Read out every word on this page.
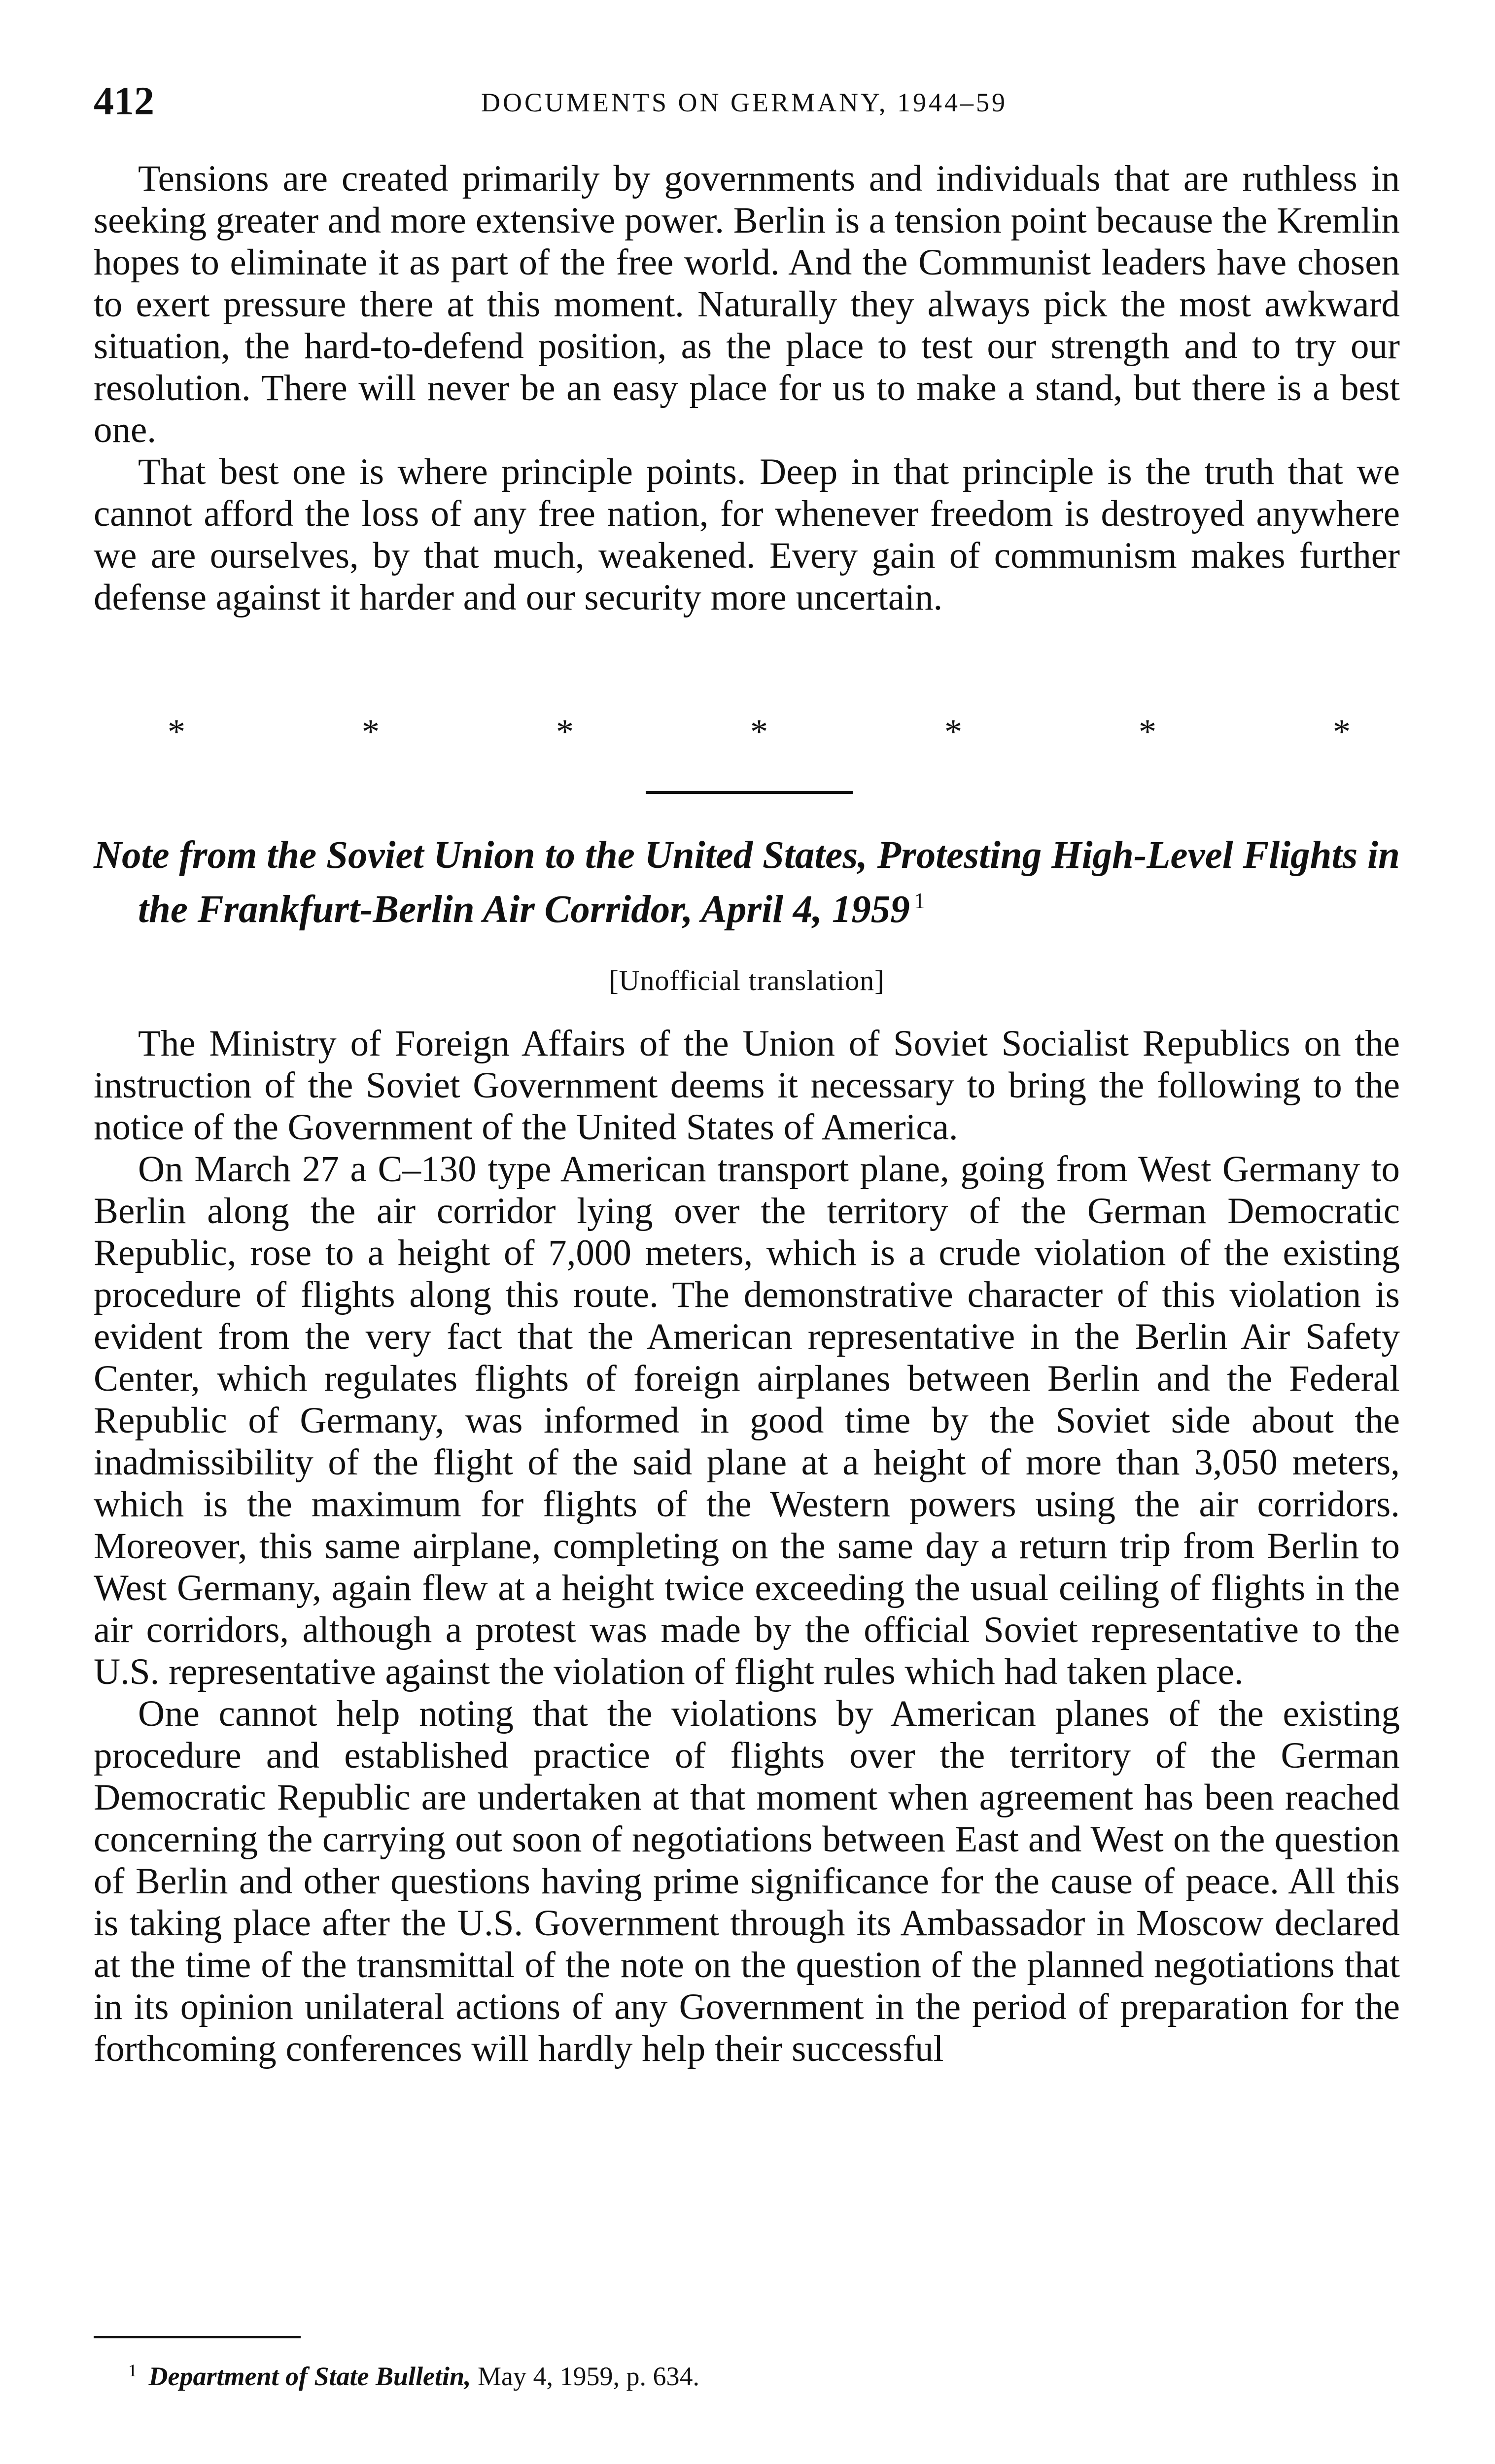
412	DOCUMENTS ON GERMANY, 1944–59

Tensions are created primarily by governments and individuals that are ruthless in seeking greater and more extensive power. Berlin is a tension point because the Kremlin hopes to eliminate it as part of the free world. And the Communist leaders have chosen to exert pressure there at this moment. Naturally they always pick the most awkward situation, the hard-to-defend position, as the place to test our strength and to try our resolution. There will never be an easy place for us to make a stand, but there is a best one.

That best one is where principle points. Deep in that principle is the truth that we cannot afford the loss of any free nation, for whenever freedom is destroyed anywhere we are ourselves, by that much, weakened. Every gain of communism makes further defense against it harder and our security more uncertain.

*	*	*	*	*	*	*
Note from the Soviet Union to the United States, Protesting High-Level Flights in the Frankfurt-Berlin Air Corridor, April 4, 1959 $^1$
[Unofficial translation]

The Ministry of Foreign Affairs of the Union of Soviet Socialist Republics on the instruction of the Soviet Government deems it necessary to bring the following to the notice of the Government of the United States of America.

On March 27 a C–130 type American transport plane, going from West Germany to Berlin along the air corridor lying over the territory of the German Democratic Republic, rose to a height of 7,000 meters, which is a crude violation of the existing procedure of flights along this route. The demonstrative character of this violation is evident from the very fact that the American representative in the Berlin Air Safety Center, which regulates flights of foreign airplanes between Berlin and the Federal Republic of Germany, was informed in good time by the Soviet side about the inadmissibility of the flight of the said plane at a height of more than 3,050 meters, which is the maximum for flights of the Western powers using the air corridors. Moreover, this same airplane, completing on the same day a return trip from Berlin to West Germany, again flew at a height twice exceeding the usual ceiling of flights in the air corridors, although a protest was made by the official Soviet representative to the U.S. representative against the violation of flight rules which had taken place.

One cannot help noting that the violations by American planes of the existing procedure and established practice of flights over the territory of the German Democratic Republic are undertaken at that moment when agreement has been reached concerning the carrying out soon of negotiations between East and West on the question of Berlin and other questions having prime significance for the cause of peace. All this is taking place after the U.S. Government through its Ambassador in Moscow declared at the time of the transmittal of the note on the question of the planned negotiations that in its opinion unilateral actions of any Government in the period of preparation for the forthcoming conferences will hardly help their successful

$^1$ Department of State Bulletin, May 4, 1959, p. 634.
